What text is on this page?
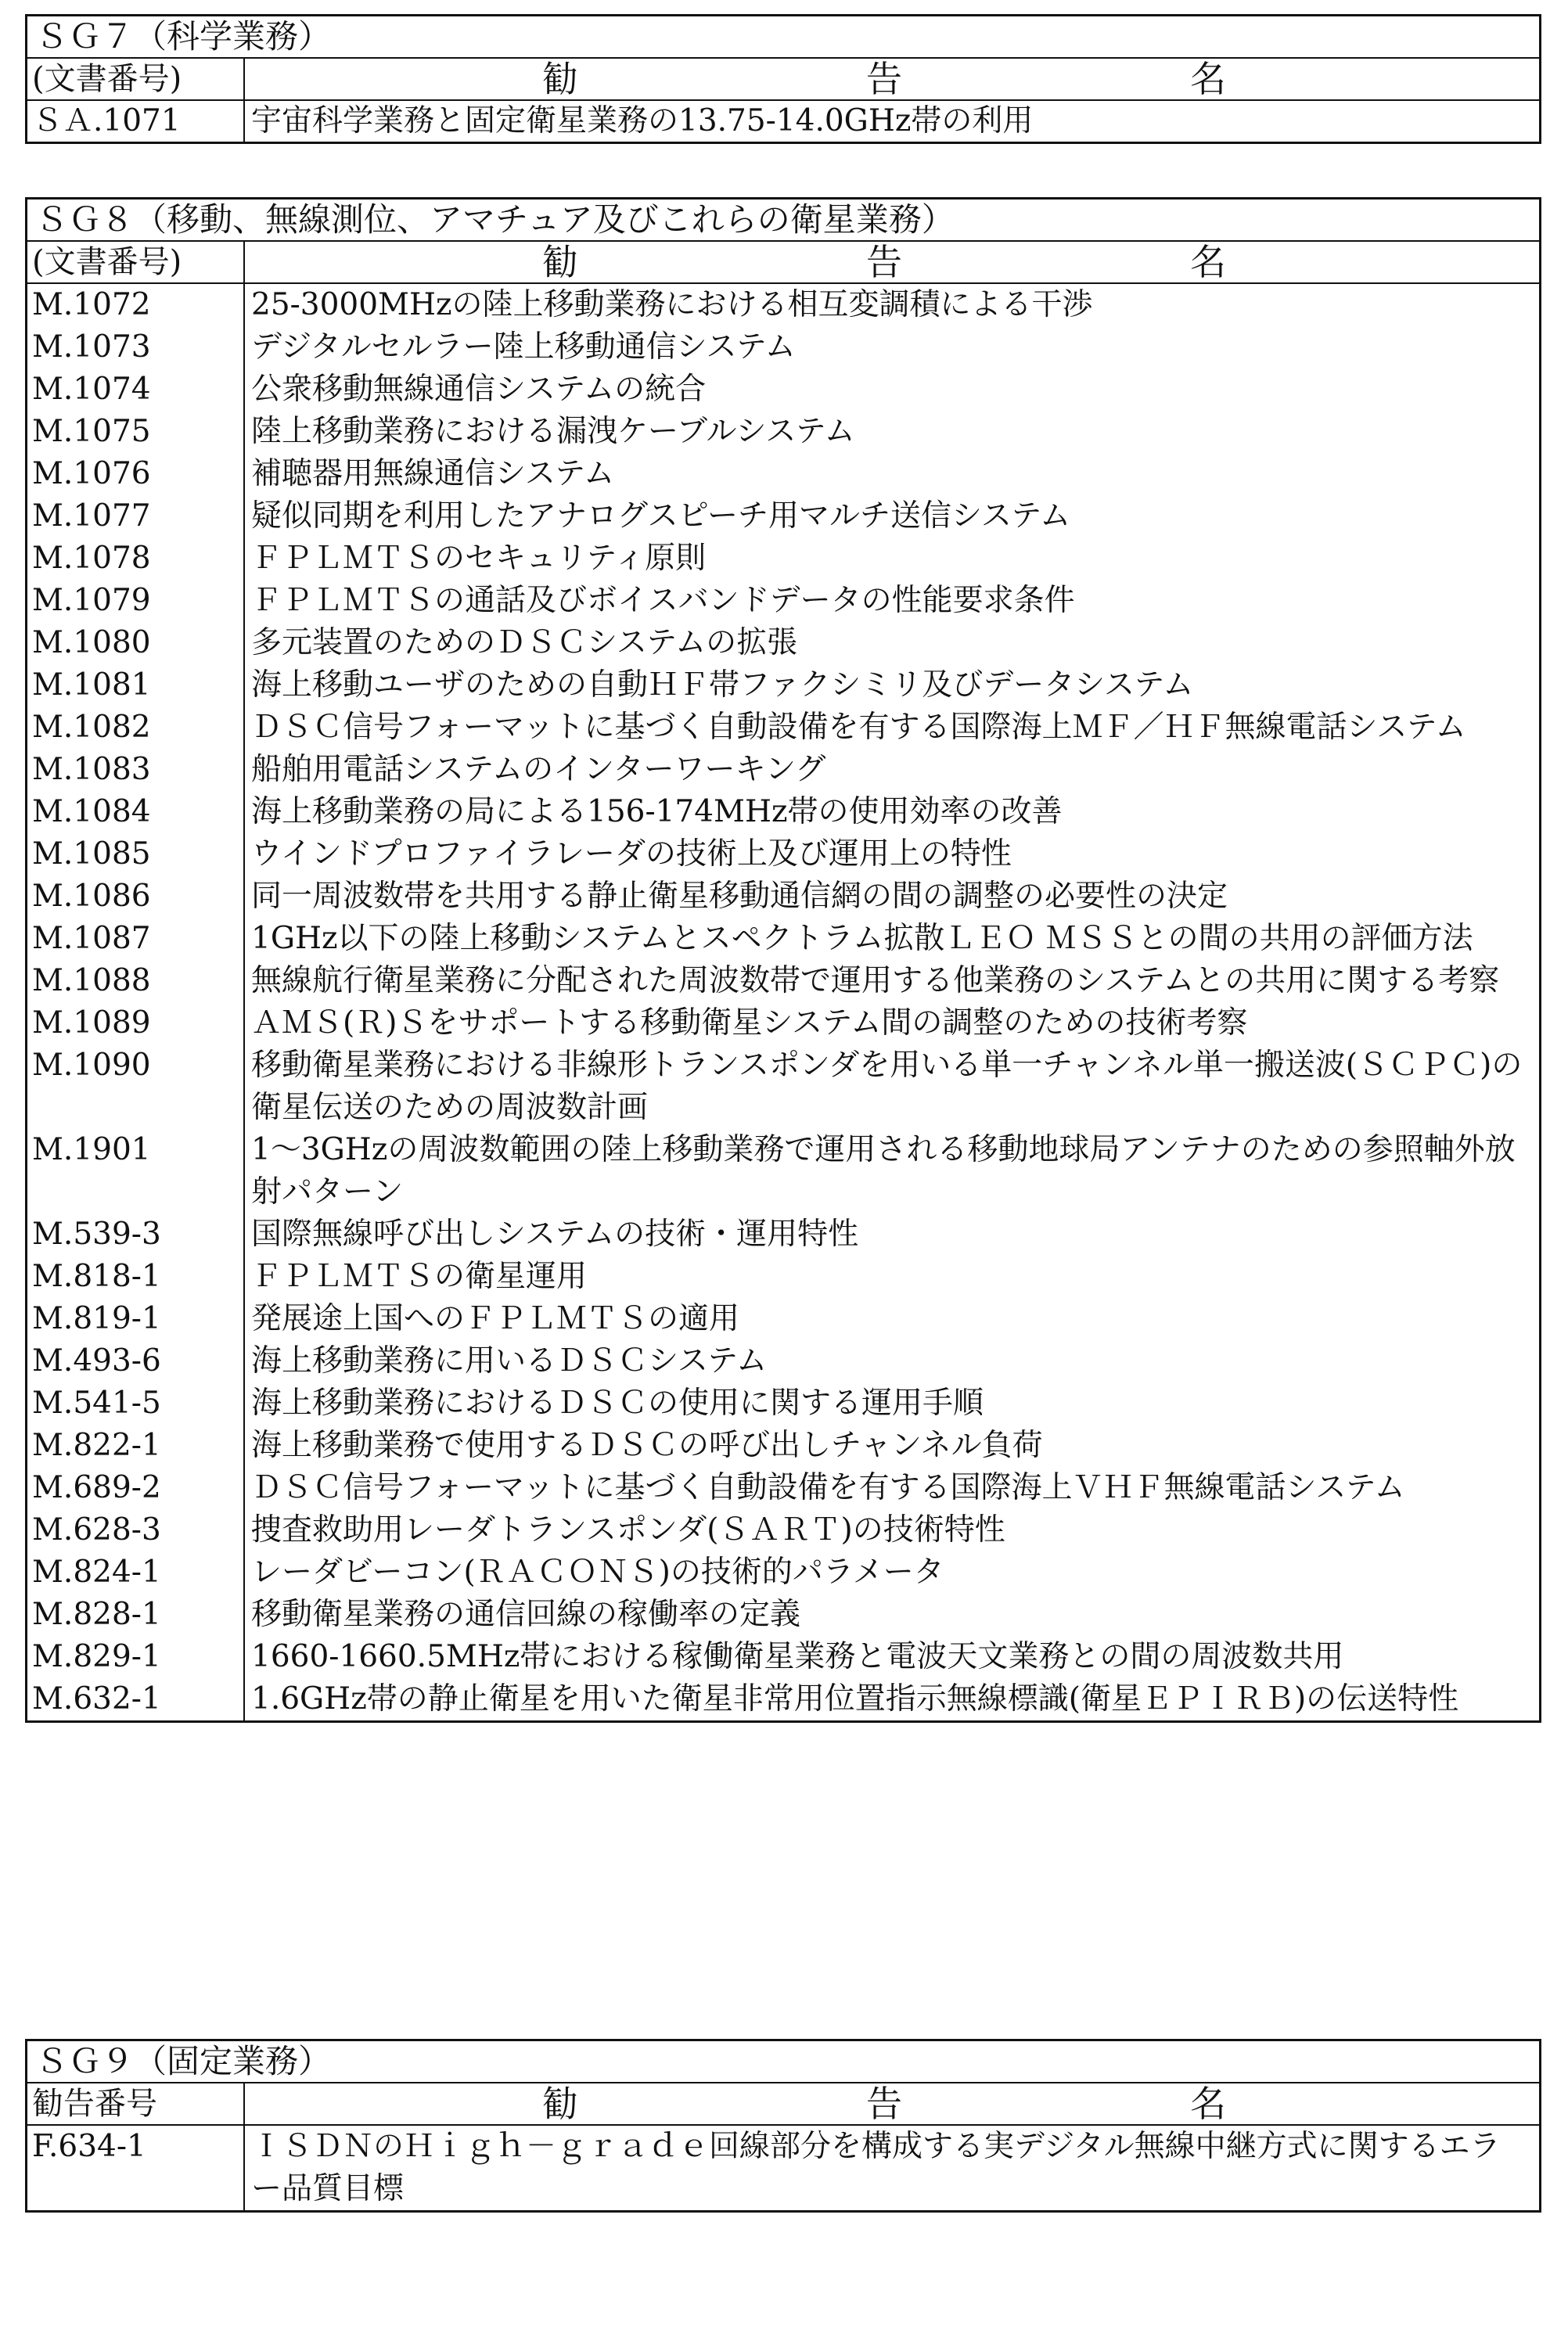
ＳＧ７（科学業務）
(文書番号)	勧	告	名
ＳＡ.1071	宇宙科学業務と固定衛星業務の13.75-14.0GHz帯の利用
ＳＧ８（移動、無線測位、アマチュア及びこれらの衛星業務）
(文書番号)	勧	告	名
M.1072	25-3000MHzの陸上移動業務における相互変調積による干渉
M.1073	デジタルセルラー陸上移動通信システム
M.1074	公衆移動無線通信システムの統合
M.1075	陸上移動業務における漏洩ケーブルシステム
M.1076	補聴器用無線通信システム
M.1077	疑似同期を利用したアナログスピーチ用マルチ送信システム
M.1078	ＦＰＬＭＴＳのセキュリティ原則
M.1079	ＦＰＬＭＴＳの通話及びボイスバンドデータの性能要求条件
M.1080	多元装置のためのＤＳＣシステムの拡張
M.1081	海上移動ユーザのための自動ＨＦ帯ファクシミリ及びデータシステム
M.1082	ＤＳＣ信号フォーマットに基づく自動設備を有する国際海上ＭＦ／ＨＦ無線電話システム
M.1083	船舶用電話システムのインターワーキング
M.1084	海上移動業務の局による156-174MHz帯の使用効率の改善
M.1085	ウインドプロファイラレーダの技術上及び運用上の特性
M.1086	同一周波数帯を共用する静止衛星移動通信網の間の調整の必要性の決定
M.1087	1GHz以下の陸上移動システムとスペクトラム拡散ＬＥＯ ＭＳＳとの間の共用の評価方法
M.1088	無線航行衛星業務に分配された周波数帯で運用する他業務のシステムとの共用に関する考察
M.1089	ＡＭＳ(Ｒ)Ｓをサポートする移動衛星システム間の調整のための技術考察
M.1090	移動衛星業務における非線形トランスポンダを用いる単一チャンネル単一搬送波(ＳＣＰＣ)の衛星伝送のための周波数計画
M.1901	1～3GHzの周波数範囲の陸上移動業務で運用される移動地球局アンテナのための参照軸外放射パターン
M.539-3	国際無線呼び出しシステムの技術・運用特性
M.818-1	ＦＰＬＭＴＳの衛星運用
M.819-1	発展途上国へのＦＰＬＭＴＳの適用
M.493-6	海上移動業務に用いるＤＳＣシステム
M.541-5	海上移動業務におけるＤＳＣの使用に関する運用手順
M.822-1	海上移動業務で使用するＤＳＣの呼び出しチャンネル負荷
M.689-2	ＤＳＣ信号フォーマットに基づく自動設備を有する国際海上ＶＨＦ無線電話システム
M.628-3	捜査救助用レーダトランスポンダ(ＳＡＲＴ)の技術特性
M.824-1	レーダビーコン(ＲＡＣＯＮＳ)の技術的パラメータ
M.828-1	移動衛星業務の通信回線の稼働率の定義
M.829-1	1660-1660.5MHz帯における稼働衛星業務と電波天文業務との間の周波数共用
M.632-1	1.6GHz帯の静止衛星を用いた衛星非常用位置指示無線標識(衛星ＥＰＩＲＢ)の伝送特性
ＳＧ９（固定業務）
勧告番号	勧	告	名
F.634-1	ＩＳＤＮのＨｉｇｈ－ｇｒａｄｅ回線部分を構成する実デジタル無線中継方式に関するエラー品質目標
